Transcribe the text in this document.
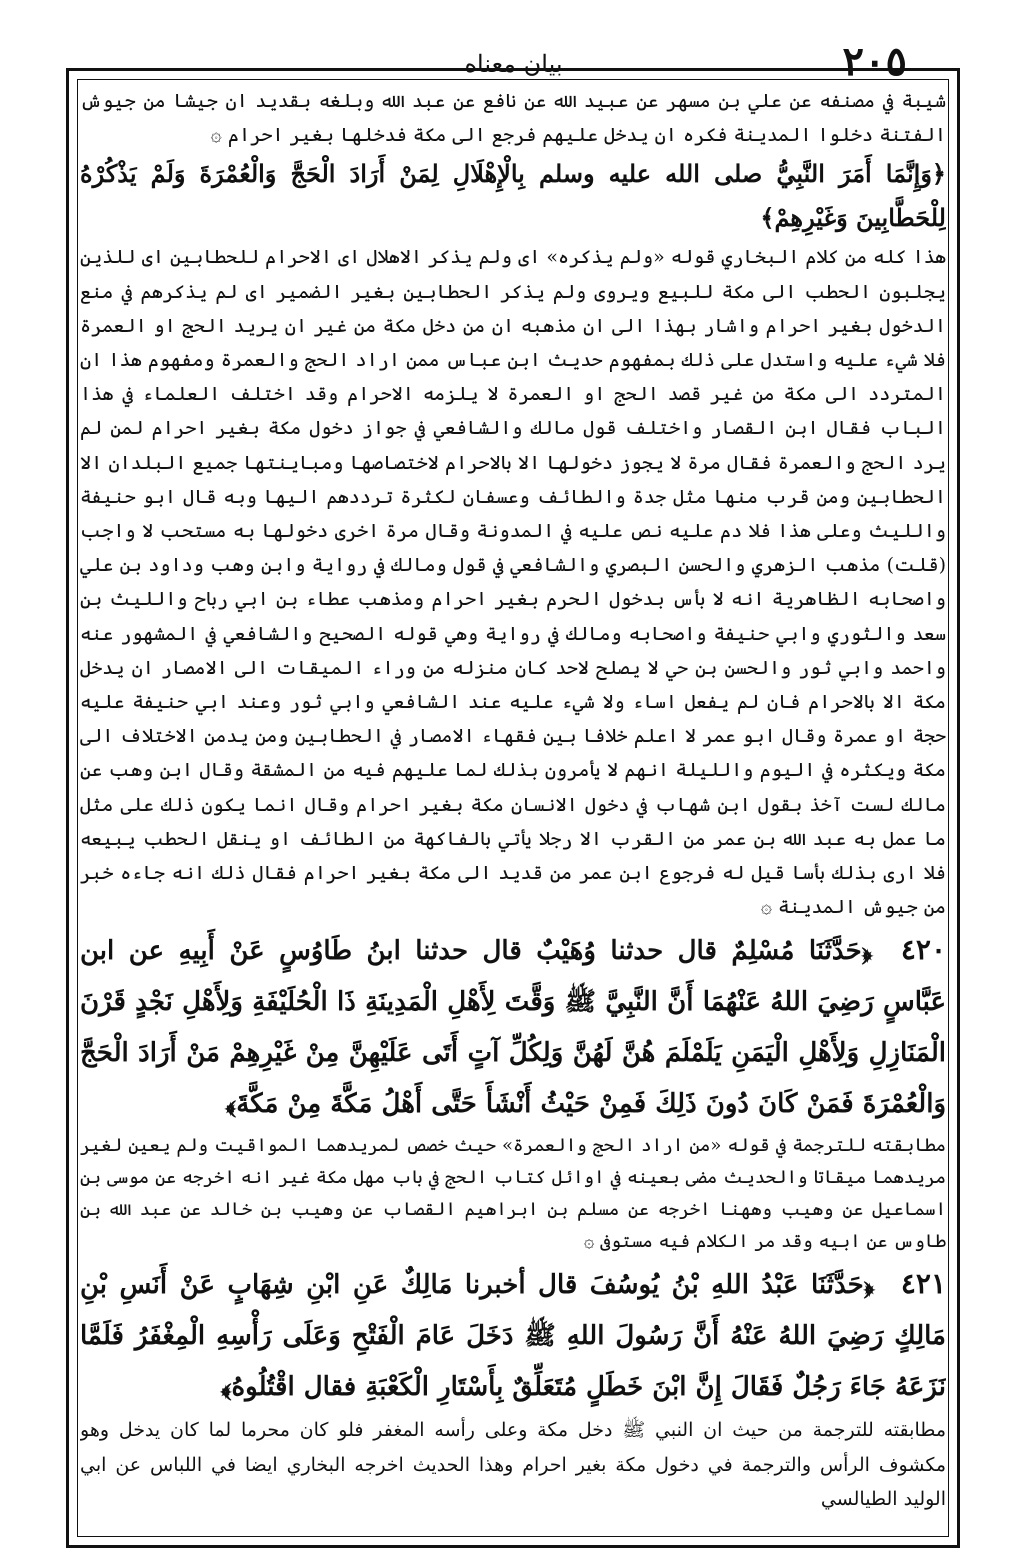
٢٠٥
بيان معناه

شيبة في مصنفه عن علي بن مسهر عن عبيد الله عن نافع عن عبد الله وبلغه بقديد ان جيشا من جيوش الفتنة دخلوا المدينة فكره ان يدخل عليهم فرجع الى مكة فدخلها بغير احرام ۞

﴿وَإِنَّمَا أَمَرَ النَّبِيُّ صلى الله عليه وسلم بِالْإِهْلَالِ لِمَنْ أَرَادَ الْحَجَّ وَالْعُمْرَةَ وَلَمْ يَذْكُرْهُ لِلْحَطَّابِينَ وَغَيْرِهِمْ﴾

هذا كله من كلام البخاري قوله «ولم يذكره» اى ولم يذكر الاهلال اى الاحرام للحطابين اى للذين يجلبون الحطب الى مكة للبيع ويروى ولم يذكر الحطابين بغير الضمير اى لم يذكرهم في منع الدخول بغير احرام واشار بهذا الى ان مذهبه ان من دخل مكة من غير ان يريد الحج او العمرة فلا شيء عليه واستدل على ذلك بمفهوم حديث ابن عباس ممن اراد الحج والعمرة ومفهوم هذا ان المتردد الى مكة من غير قصد الحج او العمرة لا يلزمه الاحرام وقد اختلف العلماء في هذا الباب فقال ابن القصار واختلف قول مالك والشافعي في جواز دخول مكة بغير احرام لمن لم يرد الحج والعمرة فقال مرة لا يجوز دخولها الا بالاحرام لاختصاصها ومباينتها جميع البلدان الا الحطابين ومن قرب منها مثل جدة والطائف وعسفان لكثرة ترددهم اليها وبه قال ابو حنيفة والليث وعلى هذا فلا دم عليه نص عليه في المدونة وقال مرة اخرى دخولها به مستحب لا واجب (قلت) مذهب الزهري والحسن البصري والشافعي في قول ومالك في رواية وابن وهب وداود بن علي واصحابه الظاهرية انه لا بأس بدخول الحرم بغير احرام ومذهب عطاء بن ابي رباح والليث بن سعد والثوري وابي حنيفة واصحابه ومالك في رواية وهي قوله الصحيح والشافعي في المشهور عنه واحمد وابي ثور والحسن بن حي لا يصلح لاحد كان منزله من وراء الميقات الى الامصار ان يدخل مكة الا بالاحرام فان لم يفعل اساء ولا شيء عليه عند الشافعي وابي ثور وعند ابي حنيفة عليه حجة او عمرة وقال ابو عمر لا اعلم خلافا بين فقهاء الامصار في الحطابين ومن يدمن الاختلاف الى مكة ويكثره في اليوم والليلة انهم لا يأمرون بذلك لما عليهم فيه من المشقة وقال ابن وهب عن مالك لست آخذ بقول ابن شهاب في دخول الانسان مكة بغير احرام وقال انما يكون ذلك على مثل ما عمل به عبد الله بن عمر من القرب الا رجلا يأتي بالفاكهة من الطائف او ينقل الحطب يبيعه فلا ارى بذلك بأسا قيل له فرجوع ابن عمر من قديد الى مكة بغير احرام فقال ذلك انه جاءه خبر من جيوش المدينة ۞

٤٢٠ ﴿حَدَّثَنَا مُسْلِمٌ قال حدثنا وُهَيْبٌ قال حدثنا ابنُ طَاوُسٍ عَنْ أَبِيهِ عن ابن عَبَّاسٍ رَضِيَ اللهُ عَنْهُمَا أَنَّ النَّبِيَّ ﷺ وَقَّتَ لِأَهْلِ الْمَدِينَةِ ذَا الْحُلَيْفَةِ وَلِأَهْلِ نَجْدٍ قَرْنَ الْمَنَازِلِ وَلِأَهْلِ الْيَمَنِ يَلَمْلَمَ هُنَّ لَهُنَّ وَلِكُلِّ آتٍ أَتَى عَلَيْهِنَّ مِنْ غَيْرِهِمْ مَنْ أَرَادَ الْحَجَّ وَالْعُمْرَةَ فَمَنْ كَانَ دُونَ ذَلِكَ فَمِنْ حَيْثُ أَنْشَأَ حَتَّى أَهْلُ مَكَّةَ مِنْ مَكَّةَ﴾

مطابقته للترجمة في قوله «من اراد الحج والعمرة» حيث خصص لمريدهما المواقيت ولم يعين لغير مريدهما ميقاتا والحديث مضى بعينه في اوائل كتاب الحج في باب مهل مكة غير انه اخرجه عن موسى بن اسماعيل عن وهيب وههنا اخرجه عن مسلم بن ابراهيم القصاب عن وهيب بن خالد عن عبد الله بن طاوس عن ابيه وقد مر الكلام فيه مستوفى ۞

٤٢١ ﴿حَدَّثَنَا عَبْدُ اللهِ بْنُ يُوسُفَ قال أخبرنا مَالِكٌ عَنِ ابْنِ شِهَابٍ عَنْ أَنَسِ بْنِ مَالِكٍ رَضِيَ اللهُ عَنْهُ أَنَّ رَسُولَ اللهِ ﷺ دَخَلَ عَامَ الْفَتْحِ وَعَلَى رَأْسِهِ الْمِغْفَرُ فَلَمَّا نَزَعَهُ جَاءَ رَجُلٌ فَقَالَ إِنَّ ابْنَ خَطَلٍ مُتَعَلِّقٌ بِأَسْتَارِ الْكَعْبَةِ فقال اقْتُلُوهُ﴾

مطابقته للترجمة من حيث ان النبي ﷺ دخل مكة وعلى رأسه المغفر فلو كان محرما لما كان يدخل وهو مكشوف الرأس والترجمة في دخول مكة بغير احرام وهذا الحديث اخرجه البخاري ايضا في اللباس عن ابي الوليد الطيالسي
